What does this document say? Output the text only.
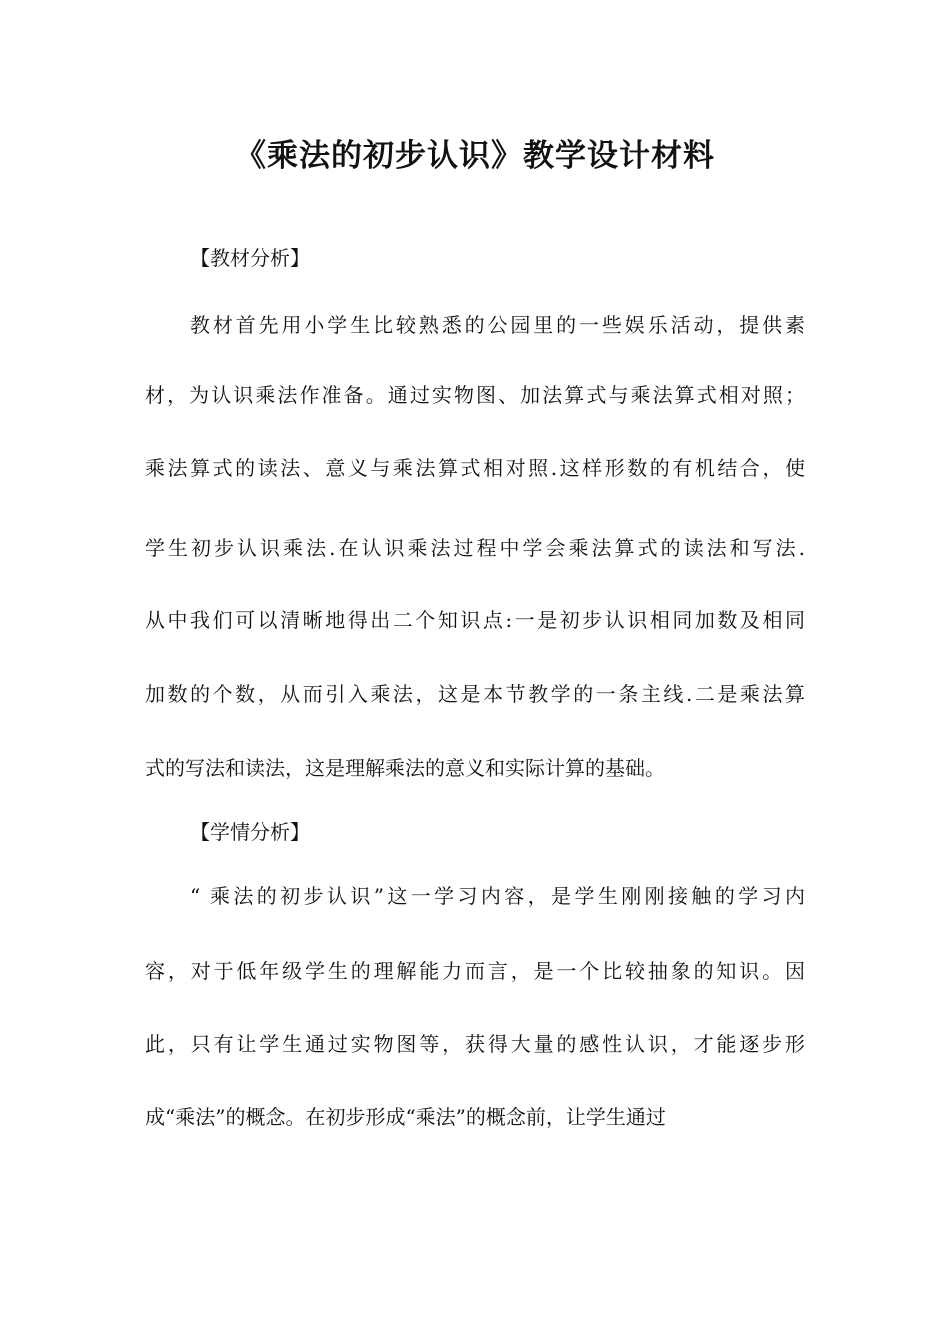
《乘法的初步认识》教学设计材料

【教材分析】

教材首先用小学生比较熟悉的公园里的一些娱乐活动，提供素

材，为认识乘法作准备。通过实物图、加法算式与乘法算式相对照；

乘法算式的读法、意义与乘法算式相对照.这样形数的有机结合，使

学生初步认识乘法.在认识乘法过程中学会乘法算式的读法和写法.

从中我们可以清晰地得出二个知识点:一是初步认识相同加数及相同

加数的个数，从而引入乘法，这是本节教学的一条主线.二是乘法算

式的写法和读法，这是理解乘法的意义和实际计算的基础。

【学情分析】

“ 乘法的初步认识”这一学习内容，是学生刚刚接触的学习内

容，对于低年级学生的理解能力而言，是一个比较抽象的知识。因

此，只有让学生通过实物图等，获得大量的感性认识，才能逐步形

成“乘法”的概念。在初步形成“乘法”的概念前，让学生通过
